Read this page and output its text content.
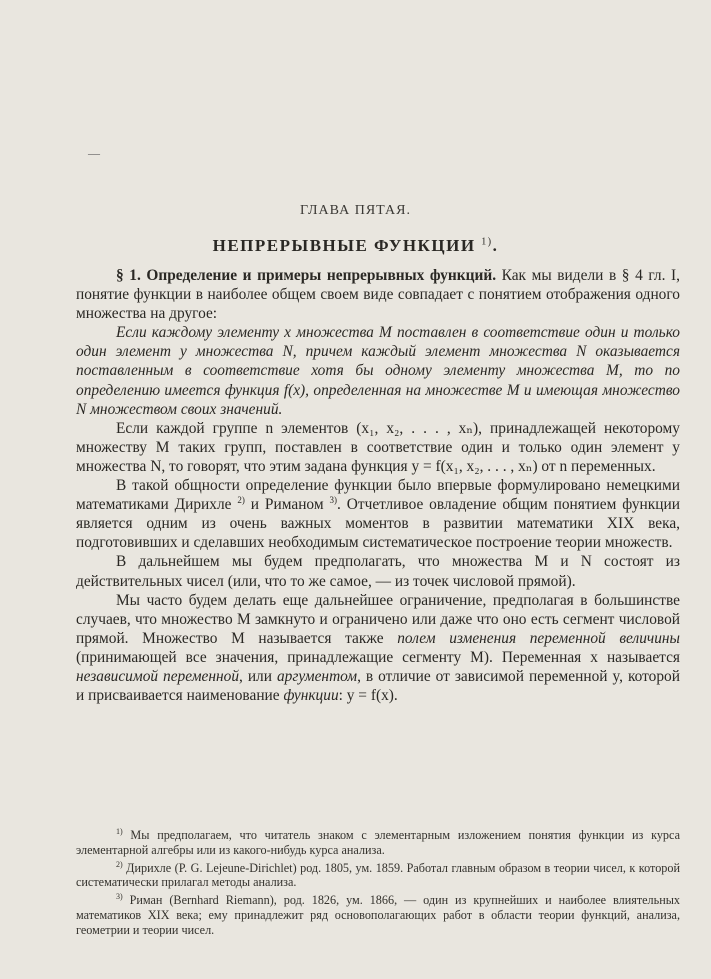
—
ГЛАВА ПЯТАЯ.
НЕПРЕРЫВНЫЕ ФУНКЦИИ $^{1)}$.

§ 1. Определение и примеры непрерывных функций. Как мы видели в § 4 гл. I, понятие функции в наиболее общем своем виде совпадает с понятием отображения одного множества на другое:

Если каждому элементу x множества M поставлен в соответствие один и только один элемент y множества N, причем каждый элемент множества N оказывается поставленным в соответствие хотя бы одному элементу множества M, то по определению имеется функция f(x), определенная на множестве M и имеющая множество N множеством своих значений.

Если каждой группе n элементов (x₁, x₂, . . . , xₙ), принадлежащей некоторому множеству M таких групп, поставлен в соответствие один и только один элемент y множества N, то говорят, что этим задана функция y = f(x₁, x₂, . . . , xₙ) от n переменных.

В такой общности определение функции было впервые формулировано немецкими математиками Дирихле $^{2)}$ и Риманом $^{3)}$. Отчетливое овладение общим понятием функции является одним из очень важных моментов в развитии математики XIX века, подготовивших и сделавших необходимым систематическое построение теории множеств.

В дальнейшем мы будем предполагать, что множества M и N состоят из действительных чисел (или, что то же самое, — из точек числовой прямой).

Мы часто будем делать еще дальнейшее ограничение, предполагая в большинстве случаев, что множество M замкнуто и ограничено или даже что оно есть сегмент числовой прямой. Множество M называется также полем изменения переменной величины (принимающей все значения, принадлежащие сегменту M). Переменная x называется независимой переменной, или аргументом, в отличие от зависимой переменной y, которой и присваивается наименование функции: y = f(x).

$^{1)}$ Мы предполагаем, что читатель знаком с элементарным изложением понятия функции из курса элементарной алгебры или из какого-нибудь курса анализа.

$^{2)}$ Дирихле (P. G. Lejeune-Dirichlet) род. 1805, ум. 1859. Работал главным образом в теории чисел, к которой систематически прилагал методы анализа.

$^{3)}$ Риман (Bernhard Riemann), род. 1826, ум. 1866, — один из крупнейших и наиболее влиятельных математиков XIX века; ему принадлежит ряд основополагающих работ в области теории функций, анализа, геометрии и теории чисел.
